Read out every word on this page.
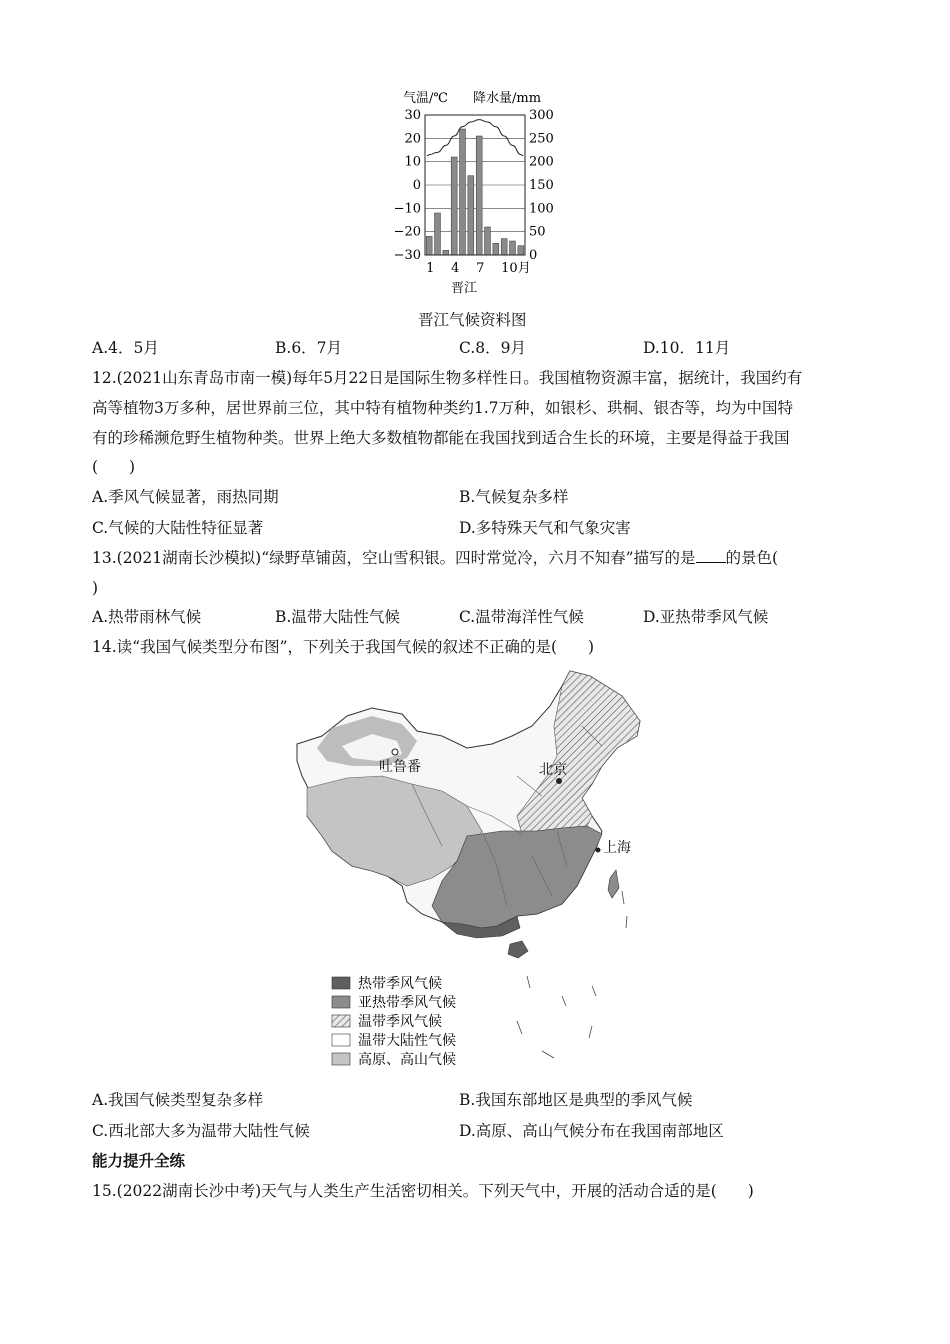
气温/℃ 降水量/mm
30
20
10
0
−10
−20
−30
300
250
200
150
100
50
0
1 4 7 10月
晋江
晋江气候资料图
A.4．5月	B.6．7月	C.8．9月	D.10．11月
12.(2021山东青岛市南一模)每年5月22日是国际生物多样性日。我国植物资源丰富，据统计，我国约有
高等植物3万多种，居世界前三位，其中特有植物种类约1.7万种，如银杉、珙桐、银杏等，均为中国特
有的珍稀濒危野生植物种类。世界上绝大多数植物都能在我国找到适合生长的环境，主要是得益于我国
(　　)
A.季风气候显著，雨热同期	B.气候复杂多样
C.气候的大陆性特征显著	D.多特殊天气和气象灾害
13.(2021湖南长沙模拟)“绿野草铺茵，空山雪积银。四时常觉冷，六月不知春”描写的是 的景色(
)
A.热带雨林气候	B.温带大陆性气候	C.温带海洋性气候	D.亚热带季风气候
14.读“我国气候类型分布图”，下列关于我国气候的叙述不正确的是(　　)
吐鲁番	北京
上海
热带季风气候
亚热带季风气候
温带季风气候
温带大陆性气候
高原、高山气候
A.我国气候类型复杂多样	B.我国东部地区是典型的季风气候
C.西北部大多为温带大陆性气候	D.高原、高山气候分布在我国南部地区
能力提升全练
15.(2022湖南长沙中考)天气与人类生产生活密切相关。下列天气中，开展的活动合适的是(　　)
